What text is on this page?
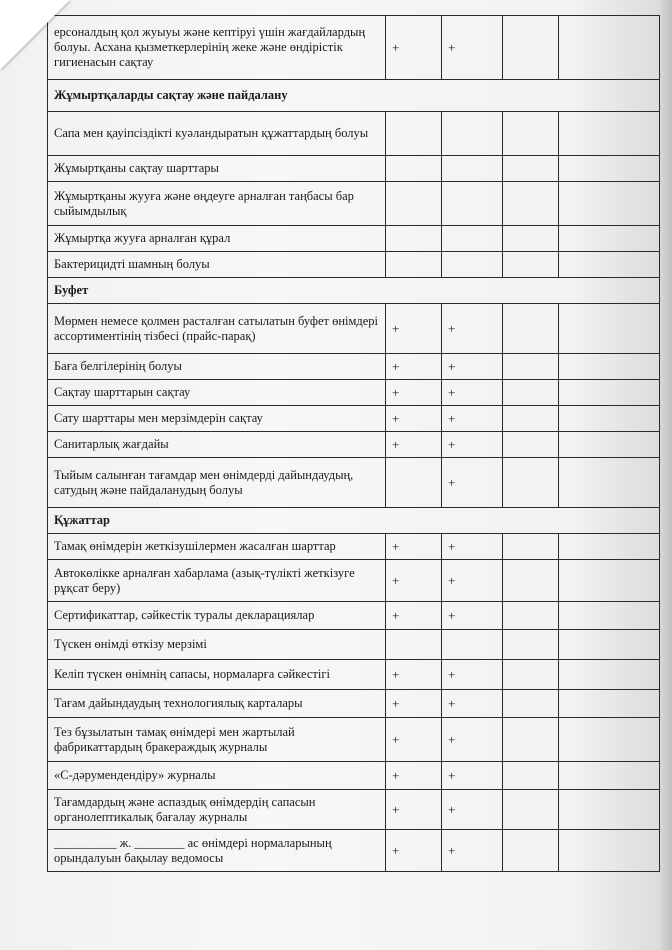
ерсоналдың қол жуыуы және кептіруі үшін жағдайлардың болуы. Асхана қызметкерлерінің жеке және өндірістік гигиенасын сақтау	+	+		
Жұмыртқаларды сақтау және пайдалану				
Сапа мен қауіпсіздікті куәландыратын құжаттардың болуы				
Жұмыртқаны сақтау шарттары				
Жұмыртқаны жууға және өңдеуге арналған таңбасы бар сыйымдылық				
Жұмыртқа жууға арналған құрал				
Бактерицидті шамның болуы				
Буфет				
Мөрмен немесе қолмен расталған сатылатын буфет өнімдері ассортиментінің тізбесі (прайс-парақ)	+	+		
Баға белгілерінің болуы	+	+		
Сақтау шарттарын сақтау	+	+		
Сату шарттары мен мерзімдерін сақтау	+	+		
Санитарлық жағдайы	+	+		
Тыйым салынған тағамдар мен өнімдерді дайындаудың, сатудың және пайдаланудың болуы		+		
Құжаттар				
Тамақ өнімдерін жеткізушілермен жасалған шарттар	+	+		
Автокөлікке арналған хабарлама (азық-түлікті жеткізуге рұқсат беру)	+	+		
Сертификаттар, сәйкестік туралы декларациялар	+	+		
Түскен өнімді өткізу мерзімі				
Келіп түскен өнімнің сапасы, нормаларға сәйкестігі	+	+		
Тағам дайындаудың технологиялық карталары	+	+		
Тез бұзылатын тамақ өнімдері мен жартылай фабрикаттардың бракераждық журналы	+	+		
«С-дәрумендендіру» журналы	+	+		
Тағамдардың және аспаздық өнімдердің сапасын органолептикалық бағалау журналы	+	+		
__________ ж. ________ ас өнімдері нормаларының орындалуын бақылау ведомосы	+	+		
